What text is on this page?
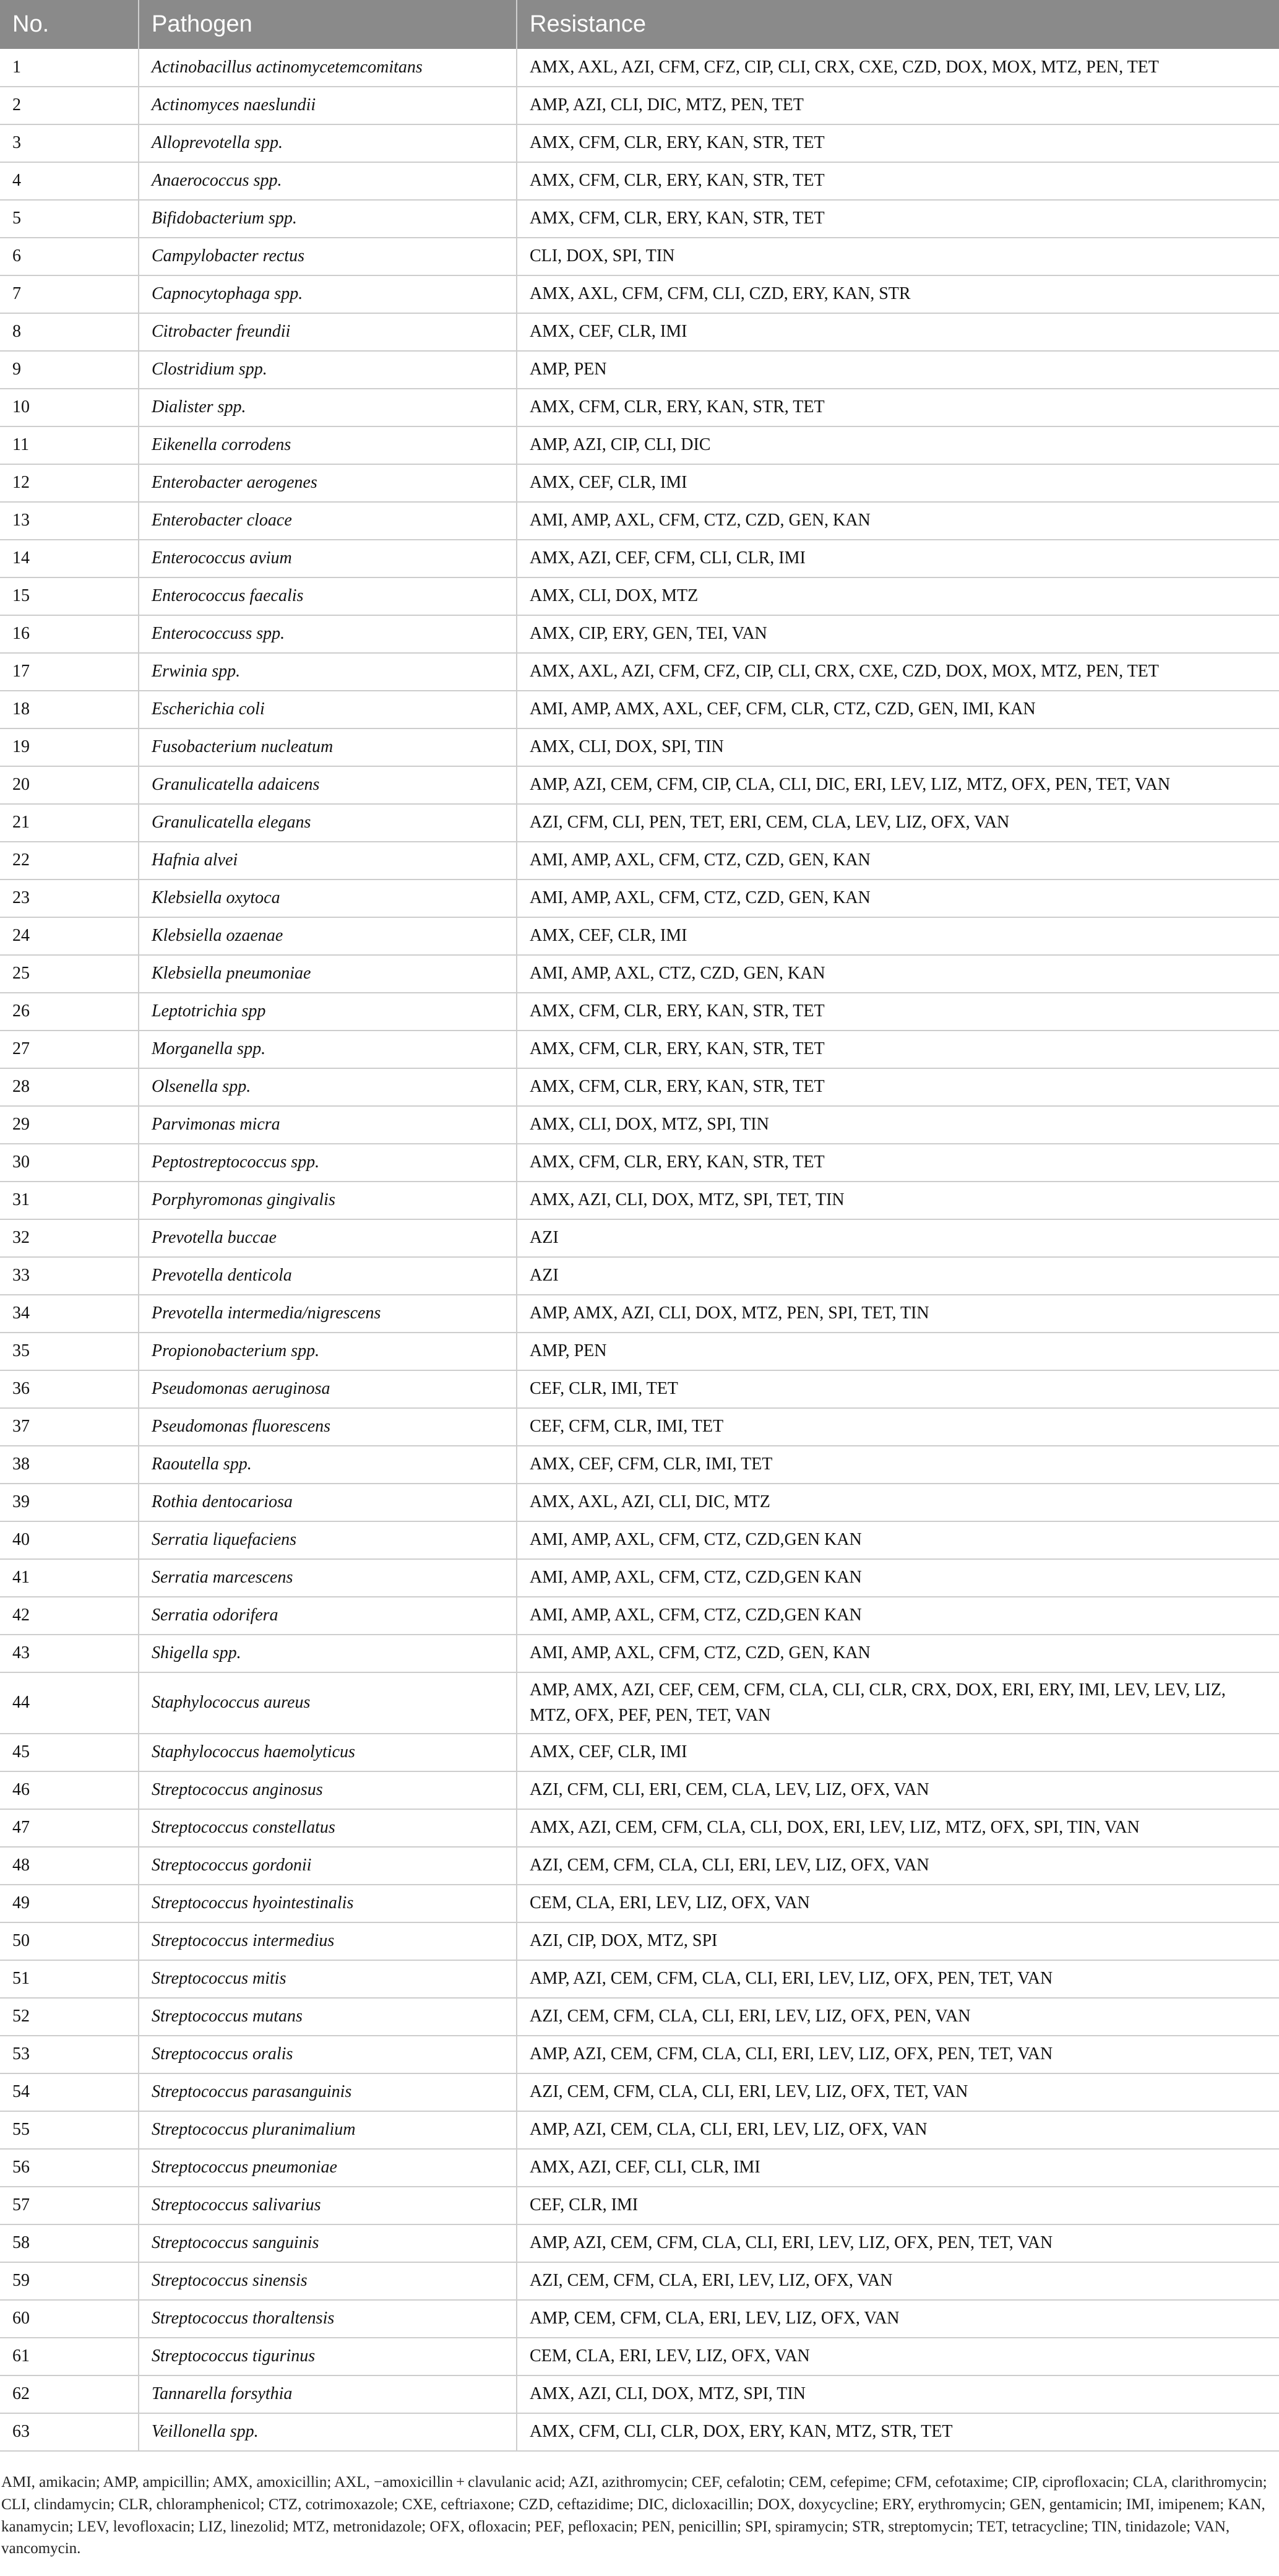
No.	Pathogen	Resistance
1	Actinobacillus actinomycetemcomitans	AMX, AXL, AZI, CFM, CFZ, CIP, CLI, CRX, CXE, CZD, DOX, MOX, MTZ, PEN, TET
2	Actinomyces naeslundii	AMP, AZI, CLI, DIC, MTZ, PEN, TET
3	Alloprevotella spp.	AMX, CFM, CLR, ERY, KAN, STR, TET
4	Anaerococcus spp.	AMX, CFM, CLR, ERY, KAN, STR, TET
5	Bifidobacterium spp.	AMX, CFM, CLR, ERY, KAN, STR, TET
6	Campylobacter rectus	CLI, DOX, SPI, TIN
7	Capnocytophaga spp.	AMX, AXL, CFM, CFM, CLI, CZD, ERY, KAN, STR
8	Citrobacter freundii	AMX, CEF, CLR, IMI
9	Clostridium spp.	AMP, PEN
10	Dialister spp.	AMX, CFM, CLR, ERY, KAN, STR, TET
11	Eikenella corrodens	AMP, AZI, CIP, CLI, DIC
12	Enterobacter aerogenes	AMX, CEF, CLR, IMI
13	Enterobacter cloace	AMI, AMP, AXL, CFM, CTZ, CZD, GEN, KAN
14	Enterococcus avium	AMX, AZI, CEF, CFM, CLI, CLR, IMI
15	Enterococcus faecalis	AMX, CLI, DOX, MTZ
16	Enterococcuss spp.	AMX, CIP, ERY, GEN, TEI, VAN
17	Erwinia spp.	AMX, AXL, AZI, CFM, CFZ, CIP, CLI, CRX, CXE, CZD, DOX, MOX, MTZ, PEN, TET
18	Escherichia coli	AMI, AMP, AMX, AXL, CEF, CFM, CLR, CTZ, CZD, GEN, IMI, KAN
19	Fusobacterium nucleatum	AMX, CLI, DOX, SPI, TIN
20	Granulicatella adaicens	AMP, AZI, CEM, CFM, CIP, CLA, CLI, DIC, ERI, LEV, LIZ, MTZ, OFX, PEN, TET, VAN
21	Granulicatella elegans	AZI, CFM, CLI, PEN, TET, ERI, CEM, CLA, LEV, LIZ, OFX, VAN
22	Hafnia alvei	AMI, AMP, AXL, CFM, CTZ, CZD, GEN, KAN
23	Klebsiella oxytoca	AMI, AMP, AXL, CFM, CTZ, CZD, GEN, KAN
24	Klebsiella ozaenae	AMX, CEF, CLR, IMI
25	Klebsiella pneumoniae	AMI, AMP, AXL, CTZ, CZD, GEN, KAN
26	Leptotrichia spp	AMX, CFM, CLR, ERY, KAN, STR, TET
27	Morganella spp.	AMX, CFM, CLR, ERY, KAN, STR, TET
28	Olsenella spp.	AMX, CFM, CLR, ERY, KAN, STR, TET
29	Parvimonas micra	AMX, CLI, DOX, MTZ, SPI, TIN
30	Peptostreptococcus spp.	AMX, CFM, CLR, ERY, KAN, STR, TET
31	Porphyromonas gingivalis	AMX, AZI, CLI, DOX, MTZ, SPI, TET, TIN
32	Prevotella buccae	AZI
33	Prevotella denticola	AZI
34	Prevotella intermedia/nigrescens	AMP, AMX, AZI, CLI, DOX, MTZ, PEN, SPI, TET, TIN
35	Propionobacterium spp.	AMP, PEN
36	Pseudomonas aeruginosa	CEF, CLR, IMI, TET
37	Pseudomonas fluorescens	CEF, CFM, CLR, IMI, TET
38	Raoutella spp.	AMX, CEF, CFM, CLR, IMI, TET
39	Rothia dentocariosa	AMX, AXL, AZI, CLI, DIC, MTZ
40	Serratia liquefaciens	AMI, AMP, AXL, CFM, CTZ, CZD,GEN KAN
41	Serratia marcescens	AMI, AMP, AXL, CFM, CTZ, CZD,GEN KAN
42	Serratia odorifera	AMI, AMP, AXL, CFM, CTZ, CZD,GEN KAN
43	Shigella spp.	AMI, AMP, AXL, CFM, CTZ, CZD, GEN, KAN
44	Staphylococcus aureus	AMP, AMX, AZI, CEF, CEM, CFM, CLA, CLI, CLR, CRX, DOX, ERI, ERY, IMI, LEV, LEV, LIZ, MTZ, OFX, PEF, PEN, TET, VAN
45	Staphylococcus haemolyticus	AMX, CEF, CLR, IMI
46	Streptococcus anginosus	AZI, CFM, CLI, ERI, CEM, CLA, LEV, LIZ, OFX, VAN
47	Streptococcus constellatus	AMX, AZI, CEM, CFM, CLA, CLI, DOX, ERI, LEV, LIZ, MTZ, OFX, SPI, TIN, VAN
48	Streptococcus gordonii	AZI, CEM, CFM, CLA, CLI, ERI, LEV, LIZ, OFX, VAN
49	Streptococcus hyointestinalis	CEM, CLA, ERI, LEV, LIZ, OFX, VAN
50	Streptococcus intermedius	AZI, CIP, DOX, MTZ, SPI
51	Streptococcus mitis	AMP, AZI, CEM, CFM, CLA, CLI, ERI, LEV, LIZ, OFX, PEN, TET, VAN
52	Streptococcus mutans	AZI, CEM, CFM, CLA, CLI, ERI, LEV, LIZ, OFX, PEN, VAN
53	Streptococcus oralis	AMP, AZI, CEM, CFM, CLA, CLI, ERI, LEV, LIZ, OFX, PEN, TET, VAN
54	Streptococcus parasanguinis	AZI, CEM, CFM, CLA, CLI, ERI, LEV, LIZ, OFX, TET, VAN
55	Streptococcus pluranimalium	AMP, AZI, CEM, CLA, CLI, ERI, LEV, LIZ, OFX, VAN
56	Streptococcus pneumoniae	AMX, AZI, CEF, CLI, CLR, IMI
57	Streptococcus salivarius	CEF, CLR, IMI
58	Streptococcus sanguinis	AMP, AZI, CEM, CFM, CLA, CLI, ERI, LEV, LIZ, OFX, PEN, TET, VAN
59	Streptococcus sinensis	AZI, CEM, CFM, CLA, ERI, LEV, LIZ, OFX, VAN
60	Streptococcus thoraltensis	AMP, CEM, CFM, CLA, ERI, LEV, LIZ, OFX, VAN
61	Streptococcus tigurinus	CEM, CLA, ERI, LEV, LIZ, OFX, VAN
62	Tannarella forsythia	AMX, AZI, CLI, DOX, MTZ, SPI, TIN
63	Veillonella spp.	AMX, CFM, CLI, CLR, DOX, ERY, KAN, MTZ, STR, TET
AMI, amikacin; AMP, ampicillin; AMX, amoxicillin; AXL, −amoxicillin + clavulanic acid; AZI, azithromycin; CEF, cefalotin; CEM, cefepime; CFM, cefotaxime; CIP, ciprofloxacin; CLA, clarithromycin; CLI, clindamycin; CLR, chloramphenicol; CTZ, cotrimoxazole; CXE, ceftriaxone; CZD, ceftazidime; DIC, dicloxacillin; DOX, doxycycline; ERY, erythromycin; GEN, gentamicin; IMI, imipenem; KAN, kanamycin; LEV, levofloxacin; LIZ, linezolid; MTZ, metronidazole; OFX, ofloxacin; PEF, pefloxacin; PEN, penicillin; SPI, spiramycin; STR, streptomycin; TET, tetracycline; TIN, tinidazole; VAN, vancomycin.
